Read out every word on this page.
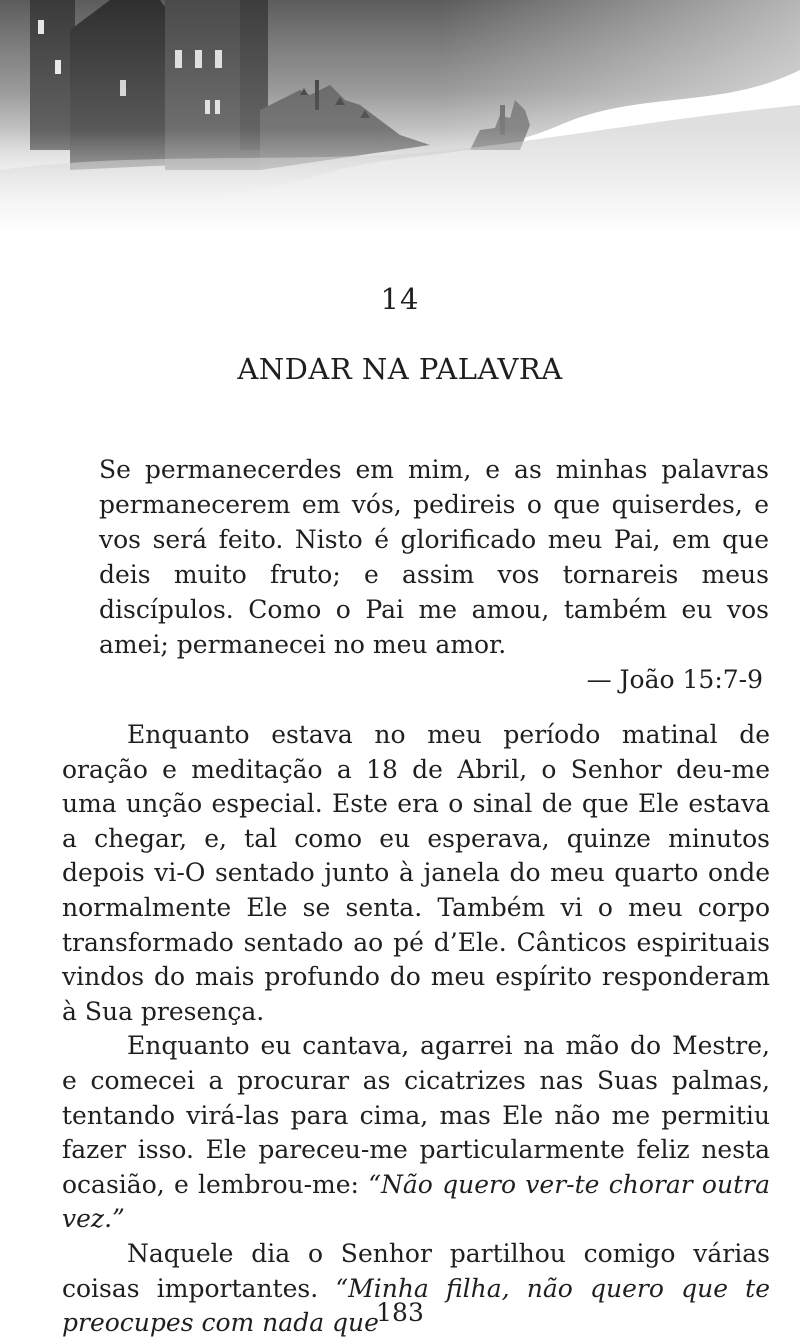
14
ANDAR NA PALAVRA

Se permanecerdes em mim, e as minhas palavras permanecerem em vós, pedireis o que quiserdes, e vos será feito. Nisto é glorificado meu Pai, em que deis muito fruto; e assim vos tornareis meus discípulos. Como o Pai me amou, também eu vos amei; permanecei no meu amor.

— João 15:7-9

Enquanto estava no meu período matinal de oração e meditação a 18 de Abril, o Senhor deu-me uma unção especial. Este era o sinal de que Ele estava a chegar, e, tal como eu esperava, quinze minutos depois vi-O sentado junto à janela do meu quarto onde normalmente Ele se senta. Também vi o meu corpo transformado sentado ao pé d’Ele. Cânticos espirituais vindos do mais profundo do meu espírito responderam à Sua presença.

Enquanto eu cantava, agarrei na mão do Mestre, e comecei a procurar as cicatrizes nas Suas palmas, tentando virá-las para cima, mas Ele não me permitiu fazer isso. Ele pareceu-me particularmente feliz nesta ocasião, e lembrou-me: “Não quero ver-te chorar outra vez.”

Naquele dia o Senhor partilhou comigo várias coisas importantes. “Minha filha, não quero que te preocupes com nada que

183
